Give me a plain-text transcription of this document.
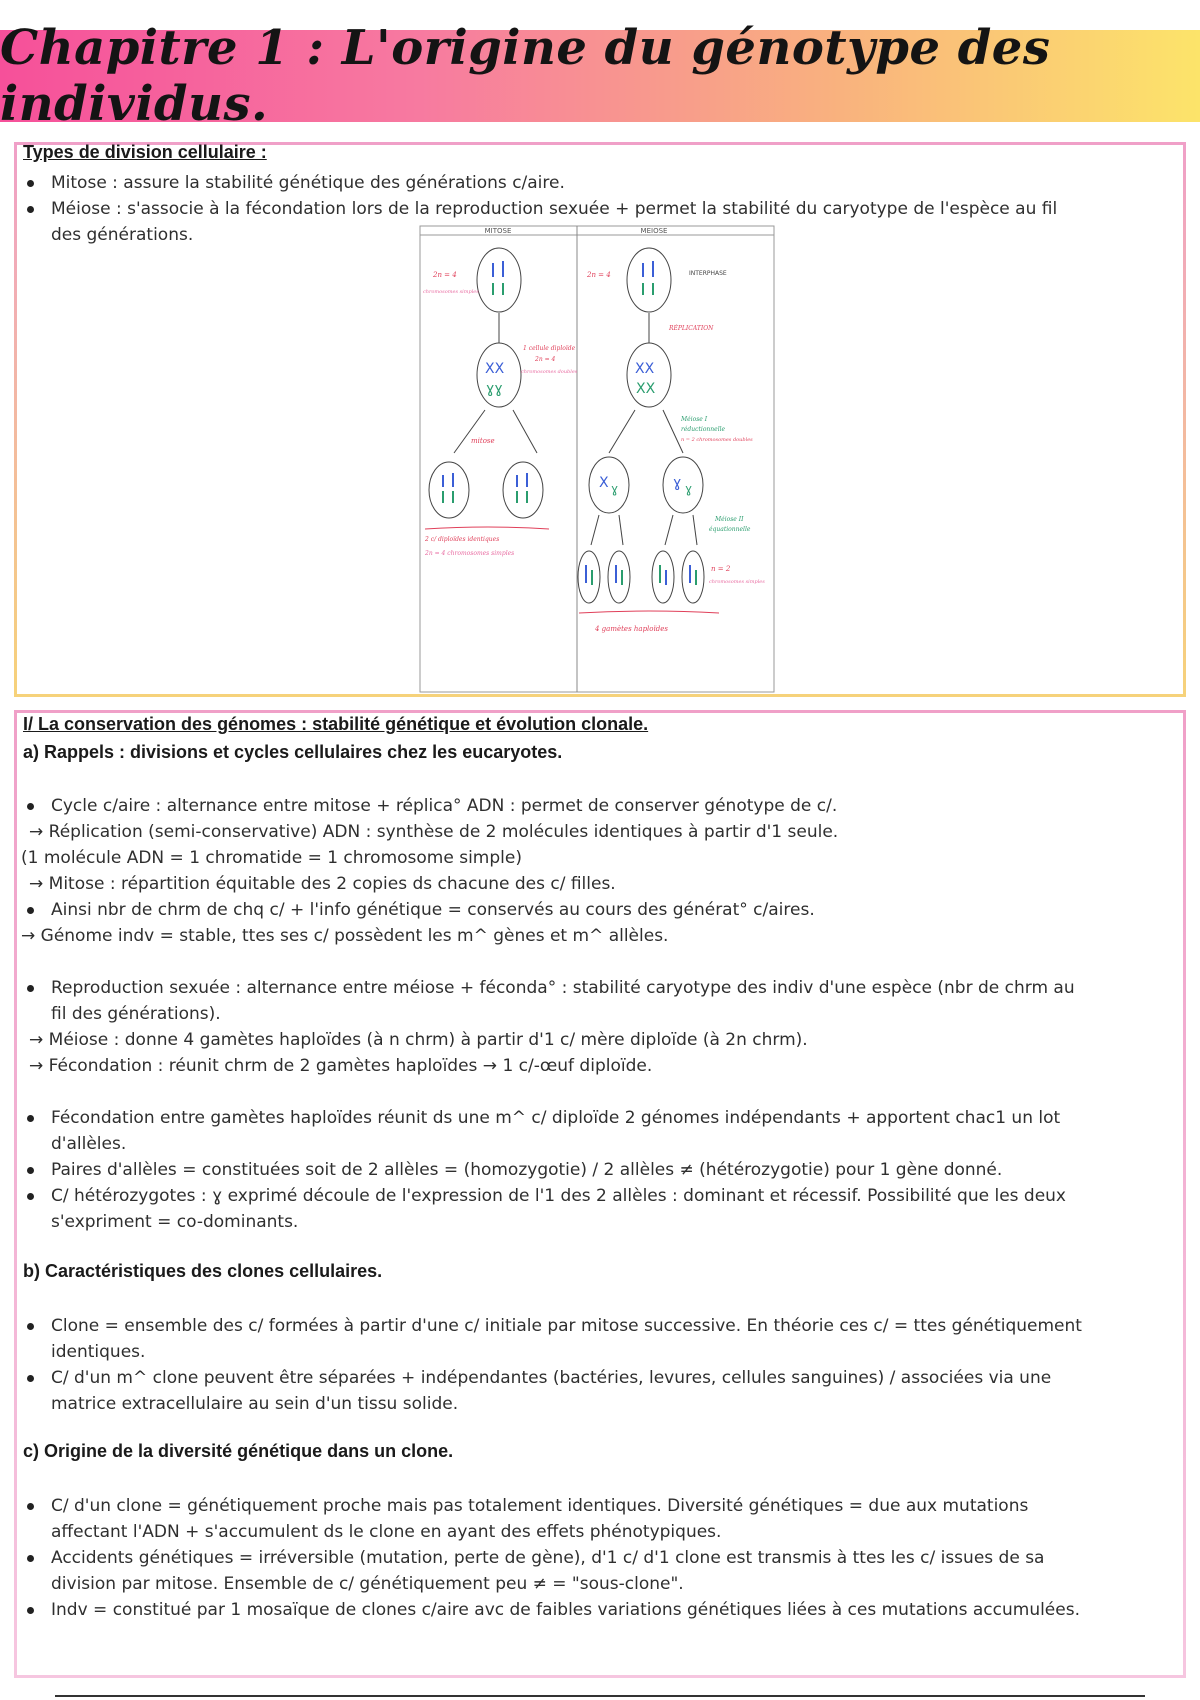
Chapitre 1 : L'origine du génotype des individus.
Types de division cellulaire :
Mitose : assure la stabilité génétique des générations c/aire.
Méiose : s'associe à la fécondation lors de la reproduction sexuée + permet la stabilité du caryotype de l'espèce au fil
des générations.	MITOSE	MEIOSE
2n = 4
chromosomes simples
2n = 4	INTERPHASE
RÉPLICATION
XX
ɣɣ
1 cellule diploïde
2n = 4
chromosomes doubles	XX
XX
mitose
Méiose I
réductionnelle
n = 2 chromosomes doubles
2 c/ diploïdes identiques
2n = 4 chromosomes simples
X ɣ	ɣ ɣ
Méiose II
équationnelle
n = 2
chromosomes simples
4 gamètes haploïdes
I/ La conservation des génomes : stabilité génétique et évolution clonale.
a) Rappels : divisions et cycles cellulaires chez les eucaryotes.
Cycle c/aire : alternance entre mitose + réplica° ADN : permet de conserver génotype de c/.
→ Réplication (semi-conservative) ADN : synthèse de 2 molécules identiques à partir d'1 seule.
(1 molécule ADN = 1 chromatide = 1 chromosome simple)
→ Mitose : répartition équitable des 2 copies ds chacune des c/ filles.
Ainsi nbr de chrm de chq c/ + l'info génétique = conservés au cours des générat° c/aires.
→ Génome indv = stable, ttes ses c/ possèdent les m^ gènes et m^ allèles.
Reproduction sexuée : alternance entre méiose + féconda° : stabilité caryotype des indiv d'une espèce (nbr de chrm au
fil des générations).
→ Méiose : donne 4 gamètes haploïdes (à n chrm) à partir d'1 c/ mère diploïde (à 2n chrm).
→ Fécondation : réunit chrm de 2 gamètes haploïdes → 1 c/-œuf diploïde.
Fécondation entre gamètes haploïdes réunit ds une m^ c/ diploïde 2 génomes indépendants + apportent chac1 un lot
d'allèles.
Paires d'allèles = constituées soit de 2 allèles = (homozygotie) / 2 allèles ≠ (hétérozygotie) pour 1 gène donné.
C/ hétérozygotes : ɣ exprimé découle de l'expression de l'1 des 2 allèles : dominant et récessif. Possibilité que les deux
s'expriment = co-dominants.
b) Caractéristiques des clones cellulaires.
Clone = ensemble des c/ formées à partir d'une c/ initiale par mitose successive. En théorie ces c/ = ttes génétiquement
identiques.
C/ d'un m^ clone peuvent être séparées + indépendantes (bactéries, levures, cellules sanguines) / associées via une
matrice extracellulaire au sein d'un tissu solide.
c) Origine de la diversité génétique dans un clone.
C/ d'un clone = génétiquement proche mais pas totalement identiques. Diversité génétiques = due aux mutations
affectant l'ADN + s'accumulent ds le clone en ayant des effets phénotypiques.
Accidents génétiques = irréversible (mutation, perte de gène), d'1 c/ d'1 clone est transmis à ttes les c/ issues de sa
division par mitose. Ensemble de c/ génétiquement peu ≠ = "sous-clone".
Indv = constitué par 1 mosaïque de clones c/aire avc de faibles variations génétiques liées à ces mutations accumulées.
